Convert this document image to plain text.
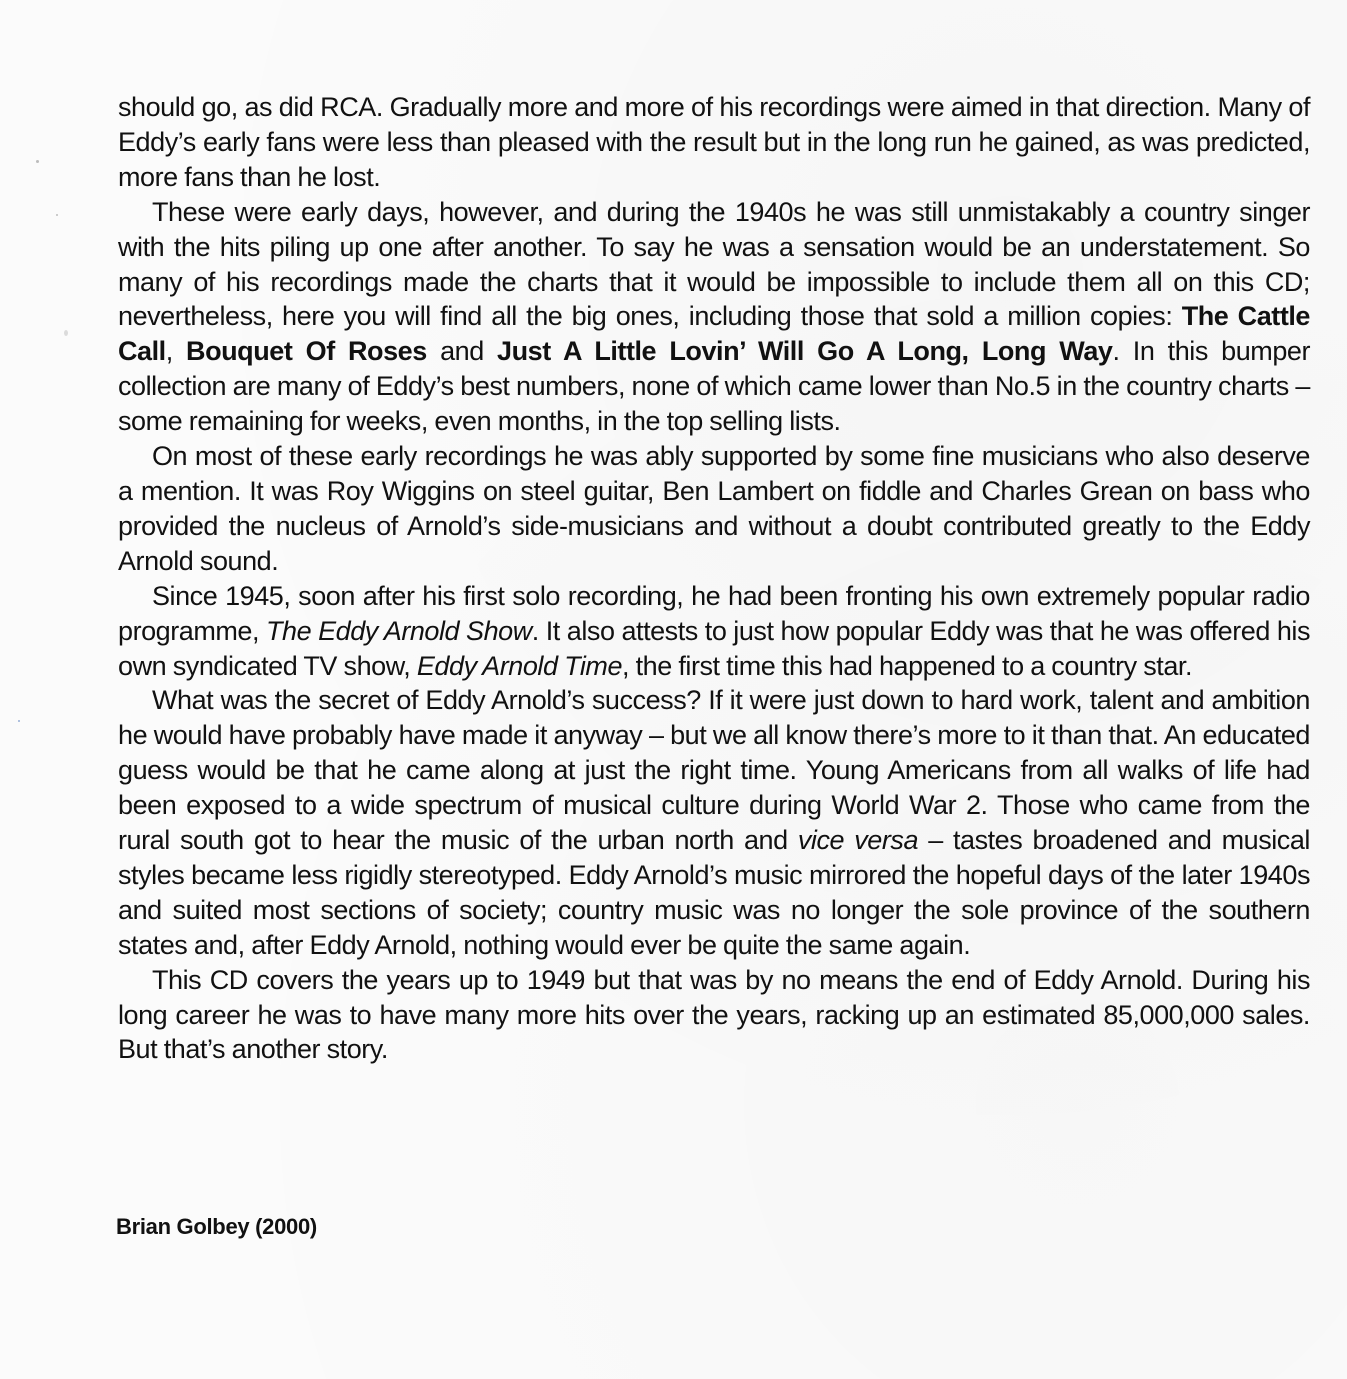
should go, as did RCA. Gradually more and more of his recordings were aimed in that direction. Many of Eddy’s early fans were less than pleased with the result but in the long run he gained, as was predicted, more fans than he lost.

These were early days, however, and during the 1940s he was still unmistakably a country singer with the hits piling up one after another. To say he was a sensation would be an understatement. So many of his recordings made the charts that it would be impossible to include them all on this CD; nevertheless, here you will find all the big ones, including those that sold a million copies: The Cattle Call, Bouquet Of Roses and Just A Little Lovin’ Will Go A Long, Long Way. In this bumper collection are many of Eddy’s best numbers, none of which came lower than No.5 in the country charts – some remaining for weeks, even months, in the top selling lists.

On most of these early recordings he was ably supported by some fine musicians who also deserve a mention. It was Roy Wiggins on steel guitar, Ben Lambert on fiddle and Charles Grean on bass who provided the nucleus of Arnold’s side-musicians and without a doubt contributed greatly to the Eddy Arnold sound.

Since 1945, soon after his first solo recording, he had been fronting his own extremely popular radio programme, The Eddy Arnold Show. It also attests to just how popular Eddy was that he was offered his own syndicated TV show, Eddy Arnold Time, the first time this had happened to a country star.

What was the secret of Eddy Arnold’s success? If it were just down to hard work, talent and ambition he would have probably have made it anyway – but we all know there’s more to it than that. An educated guess would be that he came along at just the right time. Young Americans from all walks of life had been exposed to a wide spectrum of musical culture during World War 2. Those who came from the rural south got to hear the music of the urban north and vice versa – tastes broadened and musical styles became less rigidly stereotyped. Eddy Arnold’s music mirrored the hopeful days of the later 1940s and suited most sections of society; country music was no longer the sole province of the southern states and, after Eddy Arnold, nothing would ever be quite the same again.

This CD covers the years up to 1949 but that was by no means the end of Eddy Arnold. During his long career he was to have many more hits over the years, racking up an estimated 85,000,000 sales. But that’s another story.

Brian Golbey (2000)
